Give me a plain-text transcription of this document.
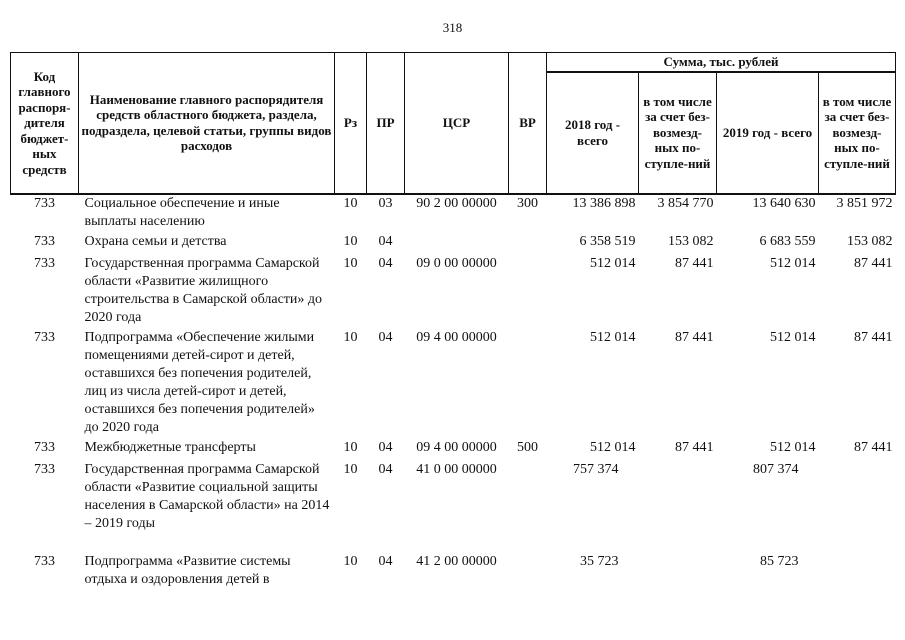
318
Код главного распоря-дителя бюджет-ных средств	Наименование главного распорядителя средств областного бюджета, раздела, подраздела, целевой статьи, группы видов расходов	Рз	ПР	ЦСР	ВР	Сумма, тыс. рублей			
						2018 год - всего	в том числе за счет без-возмезд-ных по-ступле-ний	2019 год - всего	в том числе за счет без-возмезд-ных по-ступле-ний
733	Социальное обеспечение и иные выплаты населению	10	03	90 2 00 00000	300	13 386 898	3 854 770	13 640 630	3 851 972
733	Охрана семьи и детства	10	04			6 358 519	153 082	6 683 559	153 082
733	Государственная программа Самарской области «Развитие жилищного строительства в Самарской области» до 2020 года	10	04	09 0 00 00000		512 014	87 441	512 014	87 441
733	Подпрограмма «Обеспечение жилыми помещениями детей-сирот и детей, оставшихся без попечения родителей, лиц из числа детей-сирот и детей, оставшихся без попечения родителей» до 2020 года	10	04	09 4 00 00000		512 014	87 441	512 014	87 441
733	Межбюджетные трансферты	10	04	09 4 00 00000	500	512 014	87 441	512 014	87 441
733	Государственная программа Самарской области «Развитие социальной защиты населения в Самарской области» на 2014 – 2019 годы	10	04	41 0 00 00000		757 374		807 374	
733	Подпрограмма «Развитие системы отдыха и оздоровления детей в	10	04	41 2 00 00000		35 723		85 723	
